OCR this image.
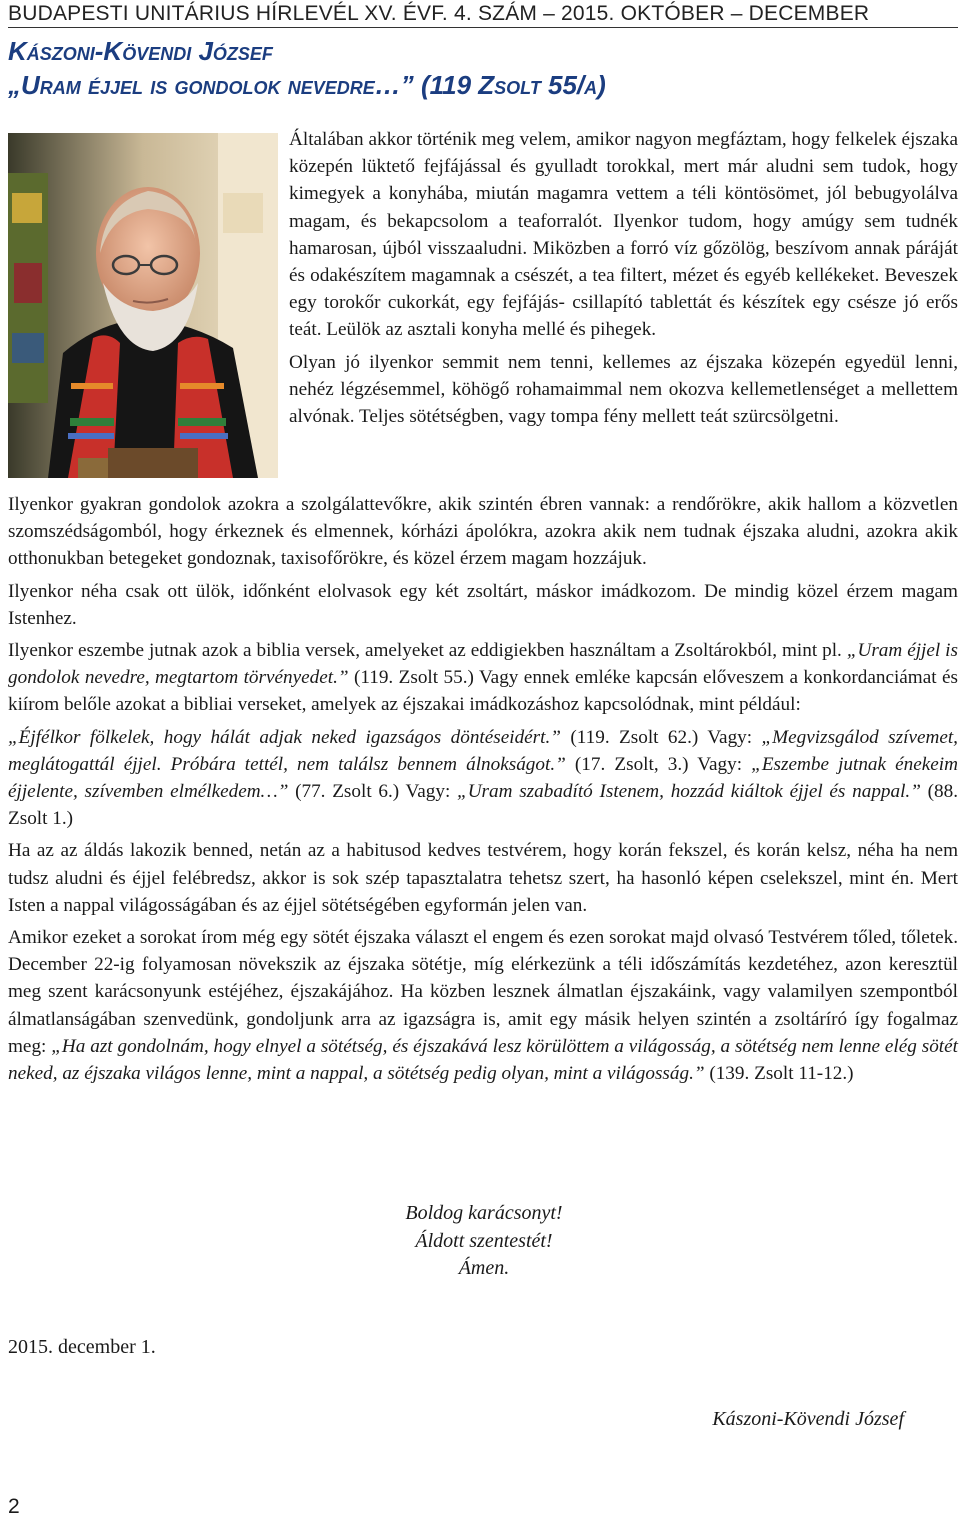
BUDAPESTI UNITÁRIUS HÍRLEVÉL XV. ÉVF. 4. SZÁM – 2015. OKTÓBER – DECEMBER
Kászoni-Kövendi József
„Uram éjjel is gondolok nevedre…” (119 Zsolt 55/a)

Általában akkor történik meg velem, amikor nagyon megfáztam, hogy felkelek éjszaka közepén lüktető fejfájással és gyulladt torokkal, mert már aludni sem tudok, hogy kimegyek a konyhába, miután magamra vettem a téli köntösömet, jól bebugyolálva magam, és bekapcsolom a teaforralót. Ilyenkor tudom, hogy amúgy sem tudnék hamarosan, újból visszaaludni. Miközben a forró víz gőzölög, beszívom annak páráját és odakészítem magamnak a csészét, a tea filtert, mézet és egyéb kellékeket. Beveszek egy torokőr cukorkát, egy fejfájás- csillapító tablettát és készítek egy csésze jó erős teát. Leülök az asztali konyha mellé és pihegek.

Olyan jó ilyenkor semmit nem tenni, kellemes az éjszaka közepén egyedül lenni, nehéz légzésemmel, köhögő rohamaimmal nem okozva kellemetlenséget a mellettem alvónak. Teljes sötétségben, vagy tompa fény mellett teát szürcsölgetni.

Ilyenkor gyakran gondolok azokra a szolgálattevőkre, akik szintén ébren vannak: a rendőrökre, akik hallom a közvetlen szomszédságomból, hogy érkeznek és elmennek, kórházi ápolókra, azokra akik nem tudnak éjszaka aludni, azokra akik otthonukban betegeket gondoznak, taxisofőrökre, és közel érzem magam hozzájuk.

Ilyenkor néha csak ott ülök, időnként elolvasok egy két zsoltárt, máskor imádkozom. De mindig közel érzem magam Istenhez.

Ilyenkor eszembe jutnak azok a biblia versek, amelyeket az eddigiekben használtam a Zsoltárokból, mint pl. „Uram éjjel is gondolok nevedre, megtartom törvényedet.” (119. Zsolt 55.) Vagy ennek emléke kapcsán előveszem a konkordanciámat és kiírom belőle azokat a bibliai verseket, amelyek az éjszakai imádkozáshoz kapcsolódnak, mint például:

„Éjfélkor fölkelek, hogy hálát adjak neked igazságos döntéseidért.” (119. Zsolt 62.) Vagy: „Megvizsgálod szívemet, meglátogattál éjjel. Próbára tettél, nem találsz bennem álnokságot.” (17. Zsolt, 3.) Vagy: „Eszembe jutnak énekeim éjjelente, szívemben elmélkedem…” (77. Zsolt 6.) Vagy: „Uram szabadító Istenem, hozzád kiáltok éjjel és nappal.” (88. Zsolt 1.)

Ha az az áldás lakozik benned, netán az a habitusod kedves testvérem, hogy korán fekszel, és korán kelsz, néha ha nem tudsz aludni és éjjel felébredsz, akkor is sok szép tapasztalatra tehetsz szert, ha hasonló képen cselekszel, mint én. Mert Isten a nappal világosságában és az éjjel sötétségében egyformán jelen van.

Amikor ezeket a sorokat írom még egy sötét éjszaka választ el engem és ezen sorokat majd olvasó Testvérem tőled, tőletek. December 22-ig folyamosan növekszik az éjszaka sötétje, míg elérkezünk a téli időszámítás kezdetéhez, azon keresztül meg szent karácsonyunk estéjéhez, éjszakájához. Ha közben lesznek álmatlan éjszakáink, vagy valamilyen szempontból álmatlanságában szenvedünk, gondoljunk arra az igazságra is, amit egy másik helyen szintén a zsoltáríró így fogalmaz meg: „Ha azt gondolnám, hogy elnyel a sötétség, és éjszakává lesz körülöttem a világosság, a sötétség nem lenne elég sötét neked, az éjszaka világos lenne, mint a nappal, a sötétség pedig olyan, mint a világosság.” (139. Zsolt 11-12.)

Boldog karácsonyt!
Áldott szentestét!
Ámen.
2015. december 1.
Kászoni-Kövendi József
2
